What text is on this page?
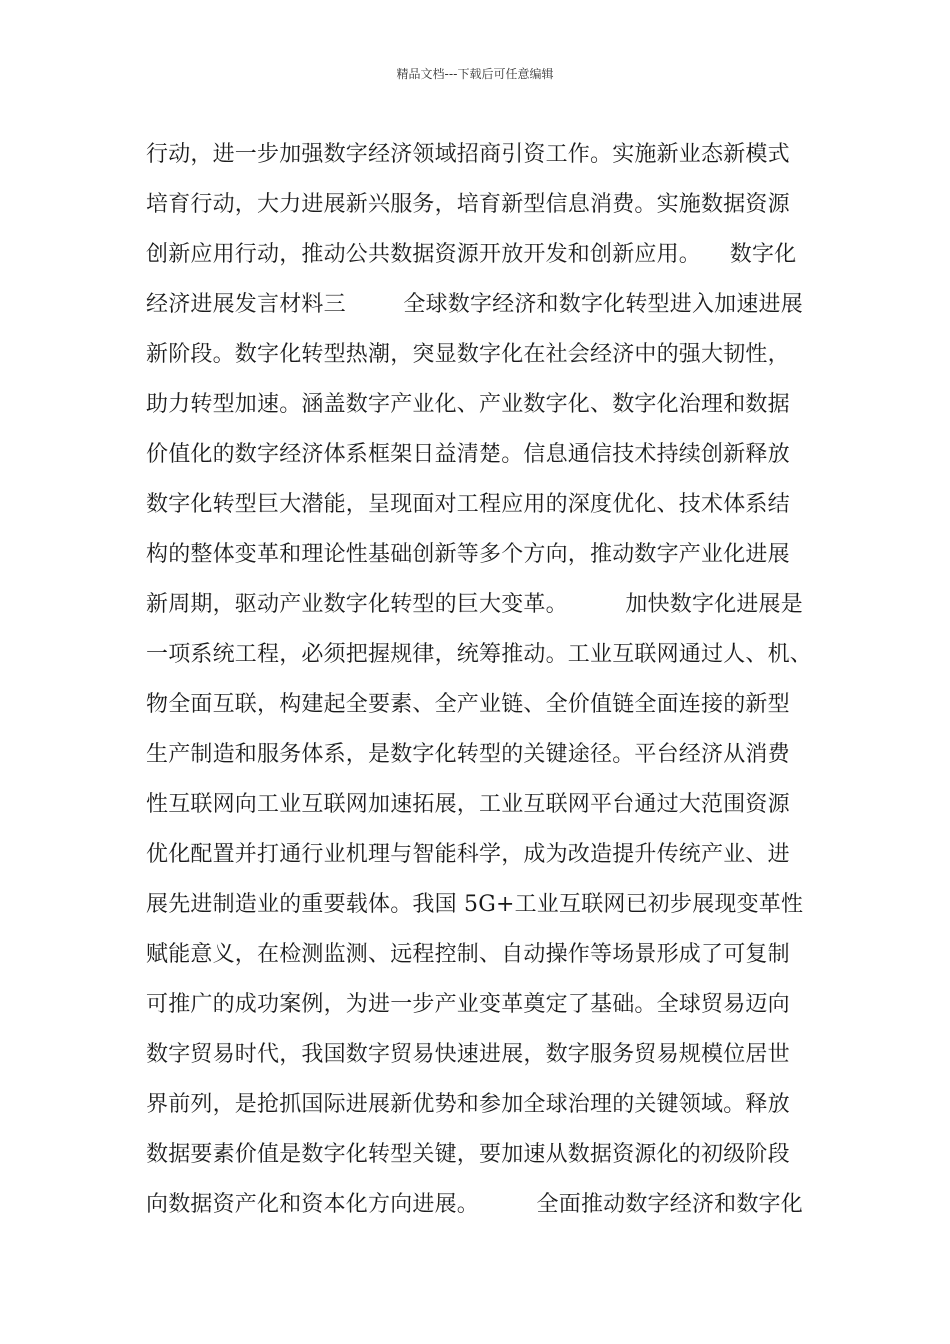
精品文档---下载后可任意编辑
行动，进一步加强数字经济领域招商引资工作。实施新业态新模式
培育行动，大力进展新兴服务，培育新型信息消费。实施数据资源
创新应用行动，推动公共数据资源开放开发和创新应用。    数字化
经济进展发言材料三        全球数字经济和数字化转型进入加速进展
新阶段。数字化转型热潮，突显数字化在社会经济中的强大韧性，
助力转型加速。涵盖数字产业化、产业数字化、数字化治理和数据
价值化的数字经济体系框架日益清楚。信息通信技术持续创新释放
数字化转型巨大潜能，呈现面对工程应用的深度优化、技术体系结
构的整体变革和理论性基础创新等多个方向，推动数字产业化进展
新周期，驱动产业数字化转型的巨大变革。        加快数字化进展是
一项系统工程，必须把握规律，统筹推动。工业互联网通过人、机、
物全面互联，构建起全要素、全产业链、全价值链全面连接的新型
生产制造和服务体系，是数字化转型的关键途径。平台经济从消费
性互联网向工业互联网加速拓展，工业互联网平台通过大范围资源
优化配置并打通行业机理与智能科学，成为改造提升传统产业、进
展先进制造业的重要载体。我国 5G+工业互联网已初步展现变革性
赋能意义，在检测监测、远程控制、自动操作等场景形成了可复制
可推广的成功案例，为进一步产业变革奠定了基础。全球贸易迈向
数字贸易时代，我国数字贸易快速进展，数字服务贸易规模位居世
界前列，是抢抓国际进展新优势和参加全球治理的关键领域。释放
数据要素价值是数字化转型关键，要加速从数据资源化的初级阶段
向数据资产化和资本化方向进展。        全面推动数字经济和数字化
